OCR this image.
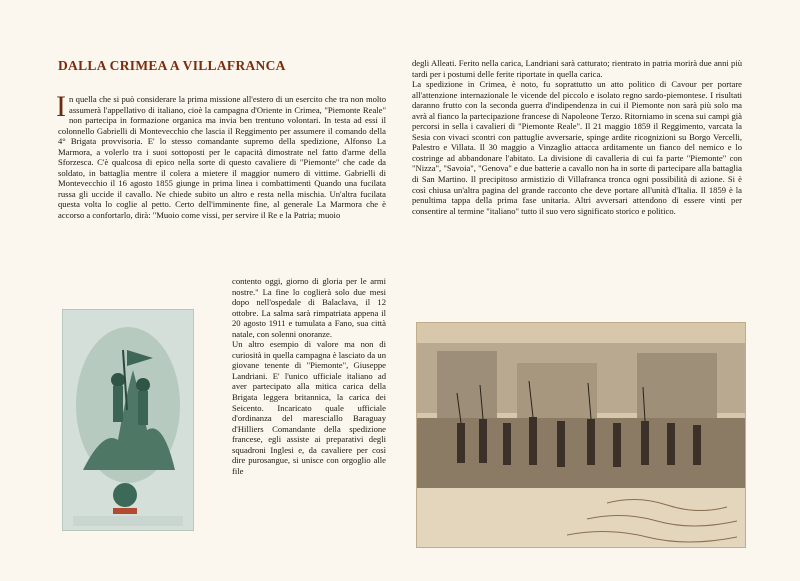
DALLA CRIMEA A VILLAFRANCA

In quella che si può considerare la prima missione all'estero di un esercito che tra non molto assumerà l'appellativo di italiano, cioè la campagna d'Oriente in Crimea, "Piemonte Reale" non partecipa in formazione organica ma invia ben trentuno volontari. In testa ad essi il colonnello Gabrielli di Montevecchio che lascia il Reggimento per assumere il comando della 4° Brigata provvisoria. E' lo stesso comandante supremo della spedizione, Alfonso La Marmora, a volerlo tra i suoi sottoposti per le capacità dimostrate nel fatto d'arme della Sforzesca. C'è qualcosa di epico nella sorte di questo cavaliere di "Piemonte" che cade da soldato, in battaglia mentre il colera a mietere il maggior numero di vittime. Gabrielli di Montevecchio il 16 agosto 1855 giunge in prima linea i combattimenti Quando una fucilata russa gli uccide il cavallo. Ne chiede subito un altro e resta nella mischia. Un'altra fucilata questa volta lo coglie al petto. Certo dell'imminente fine, al generale La Marmora che è accorso a confortarlo, dirà: "Muoio come vissi, per servire il Re e la Patria; muoio

contento oggi, giorno di gloria per le armi nostre." La fine lo coglierà solo due mesi dopo nell'ospedale di Balaclava, il 12 ottobre. La salma sarà rimpatriata appena il 20 agosto 1911 e tumulata a Fano, sua città natale, con solenni onoranze.

Un altro esempio di valore ma non di curiosità in quella campagna è lasciato da un giovane tenente di "Piemonte", Giuseppe Landriani. E' l'unico ufficiale italiano ad aver partecipato alla mitica carica della Brigata leggera britannica, la carica dei Seicento. Incaricato quale ufficiale d'ordinanza del maresciallo Baraguay d'Hilliers Comandante della spedizione francese, egli assiste ai preparativi degli squadroni Inglesi e, da cavaliere per così dire purosangue, si unisce con orgoglio alle file

degli Alleati. Ferito nella carica, Landriani sarà catturato; rientrato in patria morirà due anni più tardi per i postumi delle ferite riportate in quella carica.

La spedizione in Crimea, è noto, fu soprattutto un atto politico di Cavour per portare all'attenzione internazionale le vicende del piccolo e isolato regno sardo-piemontese. I risultati daranno frutto con la seconda guerra d'indipendenza in cui il Piemonte non sarà più solo ma avrà al fianco la partecipazione francese di Napoleone Terzo. Ritorniamo in scena sui campi già percorsi in sella i cavalieri di "Piemonte Reale". Il 21 maggio 1859 il Reggimento, varcata la Sesia con vivaci scontri con pattuglie avversarie, spinge ardite ricognizioni su Borgo Vercelli, Palestro e Villata. Il 30 maggio a Vinzaglio attacca arditamente un fianco del nemico e lo costringe ad abbandonare l'abitato. La divisione di cavalleria di cui fa parte "Piemonte" con "Nizza", "Savoia", "Genova" e due batterie a cavallo non ha in sorte di partecipare alla battaglia di San Martino. Il precipitoso armistizio di Villafranca tronca ogni possibilità di azione. Si è così chiusa un'altra pagina del grande racconto che deve portare all'unità d'Italia. Il 1859 è la penultima tappa della prima fase unitaria. Altri avversari attendono di essere vinti per consentire al termine "italiano" tutto il suo vero significato storico e politico.
